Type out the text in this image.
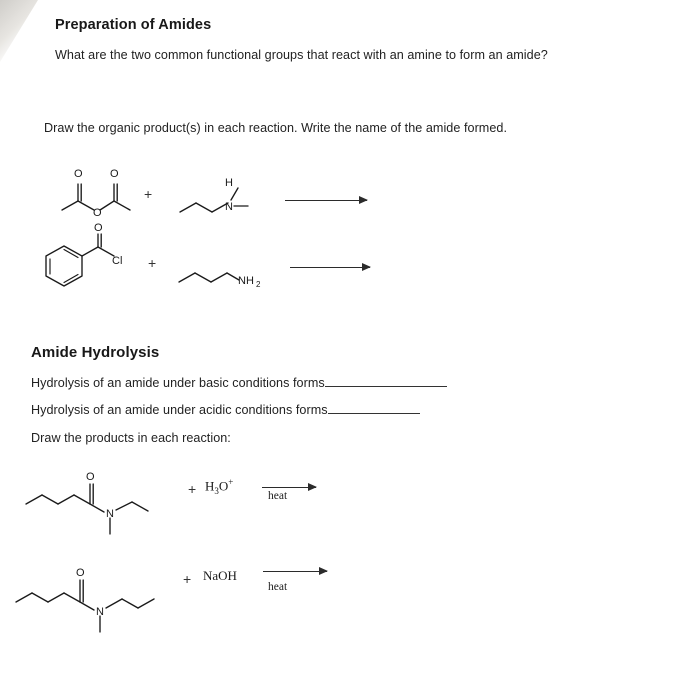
Preparation of Amides
What are the two common functional groups that react with an amine to form an amide?
Draw the organic product(s) in each reaction. Write the name of the amide formed.
O O
O
+
N
H
O
Cl +
NH 2
Amide Hydrolysis
Hydrolysis of an amide under basic conditions forms
Hydrolysis of an amide under acidic conditions forms
Draw the products in each reaction:
O
N
+ $H_3O^+$
heat
O
N
+ NaOH
heat
